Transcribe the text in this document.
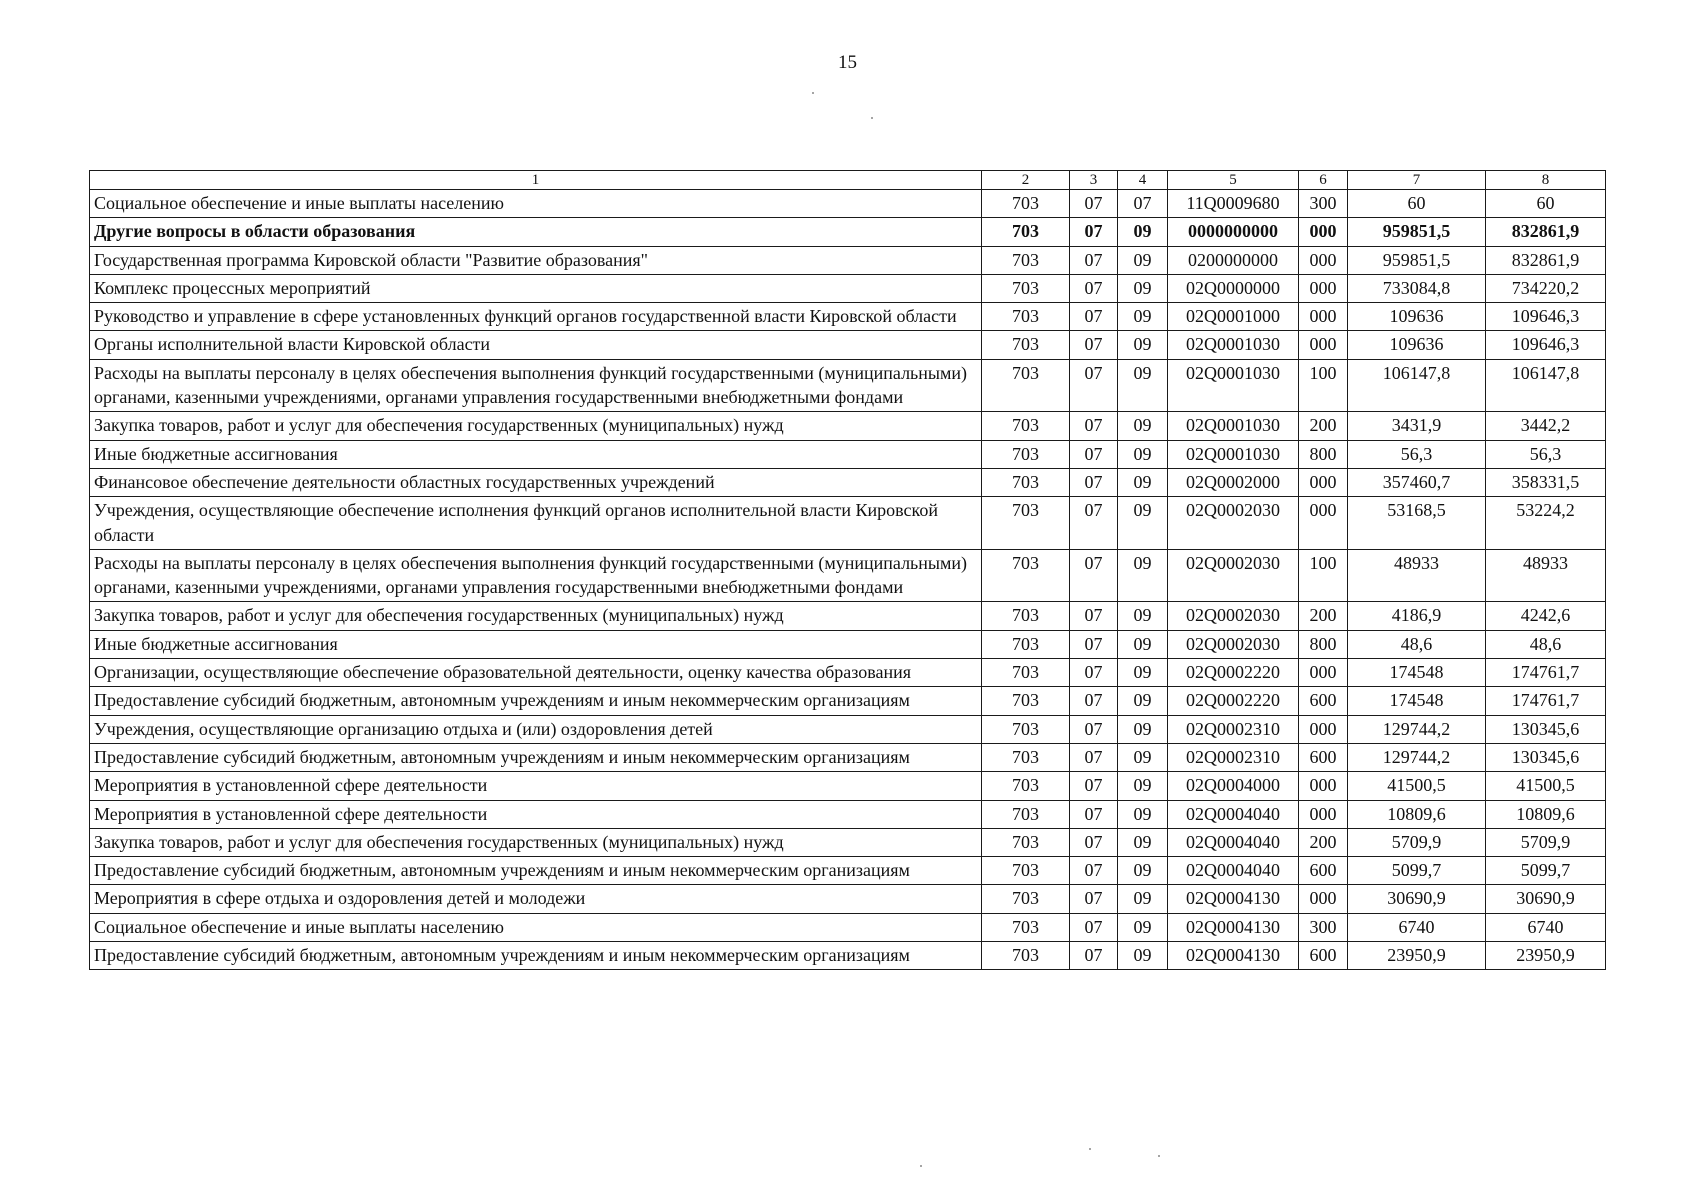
15
1	2	3	4	5	6	7	8
Социальное обеспечение и иные выплаты населению	703	07	07	11Q0009680	300	60	60
Другие вопросы в области образования	703	07	09	0000000000	000	959851,5	832861,9
Государственная программа Кировской области "Развитие образования"	703	07	09	0200000000	000	959851,5	832861,9
Комплекс процессных мероприятий	703	07	09	02Q0000000	000	733084,8	734220,2
Руководство и управление в сфере установленных функций органов государственной власти Кировской области	703	07	09	02Q0001000	000	109636	109646,3
Органы исполнительной власти Кировской области	703	07	09	02Q0001030	000	109636	109646,3
Расходы на выплаты персоналу в целях обеспечения выполнения функций государственными (муниципальными) органами, казенными учреждениями, органами управления государственными внебюджетными фондами	703	07	09	02Q0001030	100	106147,8	106147,8
Закупка товаров, работ и услуг для обеспечения государственных (муниципальных) нужд	703	07	09	02Q0001030	200	3431,9	3442,2
Иные бюджетные ассигнования	703	07	09	02Q0001030	800	56,3	56,3
Финансовое обеспечение деятельности областных государственных учреждений	703	07	09	02Q0002000	000	357460,7	358331,5
Учреждения, осуществляющие обеспечение исполнения функций органов исполнительной власти Кировской области	703	07	09	02Q0002030	000	53168,5	53224,2
Расходы на выплаты персоналу в целях обеспечения выполнения функций государственными (муниципальными) органами, казенными учреждениями, органами управления государственными внебюджетными фондами	703	07	09	02Q0002030	100	48933	48933
Закупка товаров, работ и услуг для обеспечения государственных (муниципальных) нужд	703	07	09	02Q0002030	200	4186,9	4242,6
Иные бюджетные ассигнования	703	07	09	02Q0002030	800	48,6	48,6
Организации, осуществляющие обеспечение образовательной деятельности, оценку качества образования	703	07	09	02Q0002220	000	174548	174761,7
Предоставление субсидий бюджетным, автономным учреждениям и иным некоммерческим организациям	703	07	09	02Q0002220	600	174548	174761,7
Учреждения, осуществляющие организацию отдыха и (или) оздоровления детей	703	07	09	02Q0002310	000	129744,2	130345,6
Предоставление субсидий бюджетным, автономным учреждениям и иным некоммерческим организациям	703	07	09	02Q0002310	600	129744,2	130345,6
Мероприятия в установленной сфере деятельности	703	07	09	02Q0004000	000	41500,5	41500,5
Мероприятия в установленной сфере деятельности	703	07	09	02Q0004040	000	10809,6	10809,6
Закупка товаров, работ и услуг для обеспечения государственных (муниципальных) нужд	703	07	09	02Q0004040	200	5709,9	5709,9
Предоставление субсидий бюджетным, автономным учреждениям и иным некоммерческим организациям	703	07	09	02Q0004040	600	5099,7	5099,7
Мероприятия в сфере отдыха и оздоровления детей и молодежи	703	07	09	02Q0004130	000	30690,9	30690,9
Социальное обеспечение и иные выплаты населению	703	07	09	02Q0004130	300	6740	6740
Предоставление субсидий бюджетным, автономным учреждениям и иным некоммерческим организациям	703	07	09	02Q0004130	600	23950,9	23950,9
